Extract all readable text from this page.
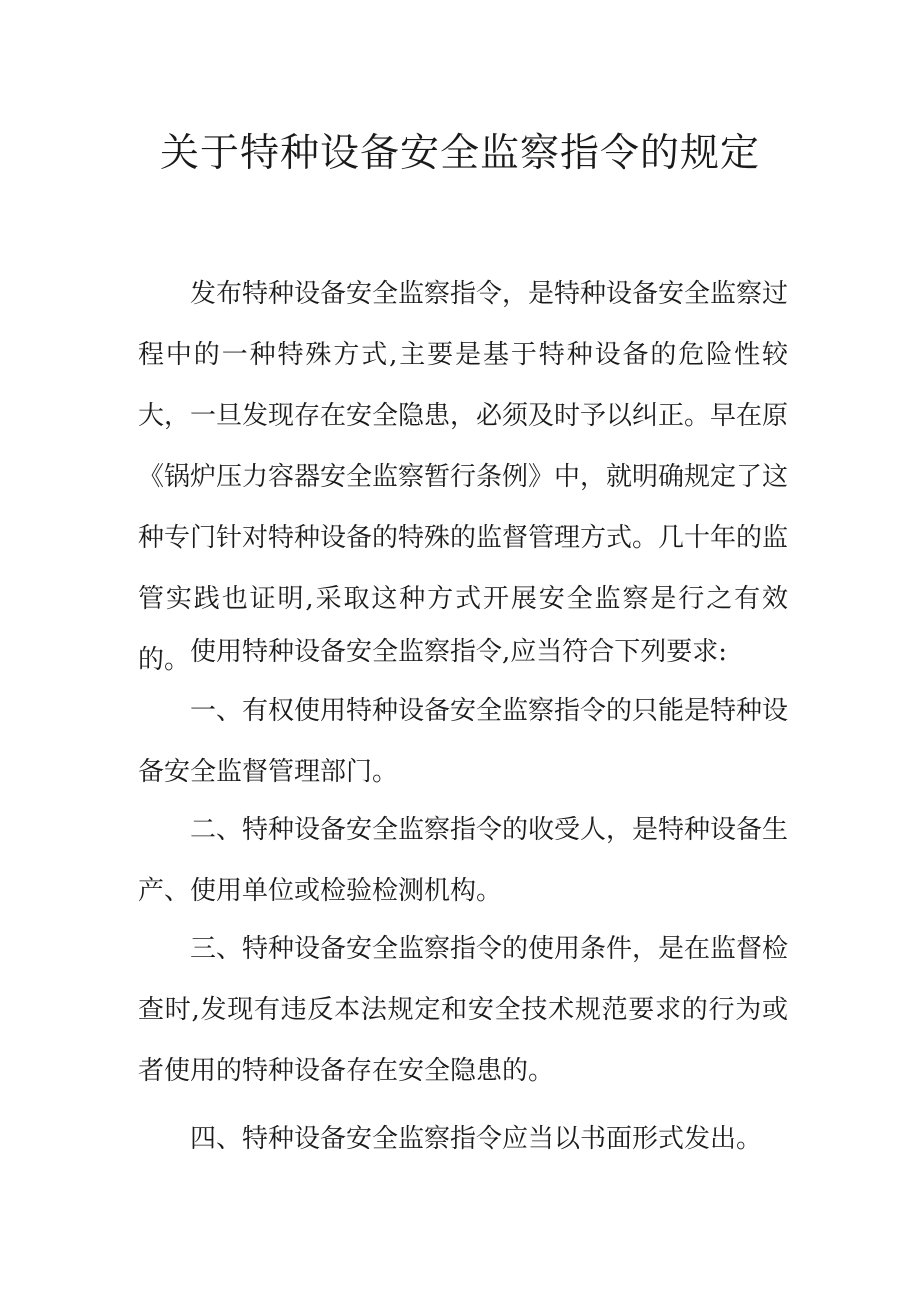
关于特种设备安全监察指令的规定

发布特种设备安全监察指令，是特种设备安全监察过程中的一种特殊方式,主要是基于特种设备的危险性较大，一旦发现存在安全隐患，必须及时予以纠正。早在原《锅炉压力容器安全监察暂行条例》中，就明确规定了这种专门针对特种设备的特殊的监督管理方式。几十年的监管实践也证明,采取这种方式开展安全监察是行之有效的。 使用特种设备安全监察指令,应当符合下列要求:

一、有权使用特种设备安全监察指令的只能是特种设备安全监督管理部门。

二、特种设备安全监察指令的收受人，是特种设备生产、使用单位或检验检测机构。

三、特种设备安全监察指令的使用条件，是在监督检查时,发现有违反本法规定和安全技术规范要求的行为或者使用的特种设备存在安全隐患的。

四、特种设备安全监察指令应当以书面形式发出。
